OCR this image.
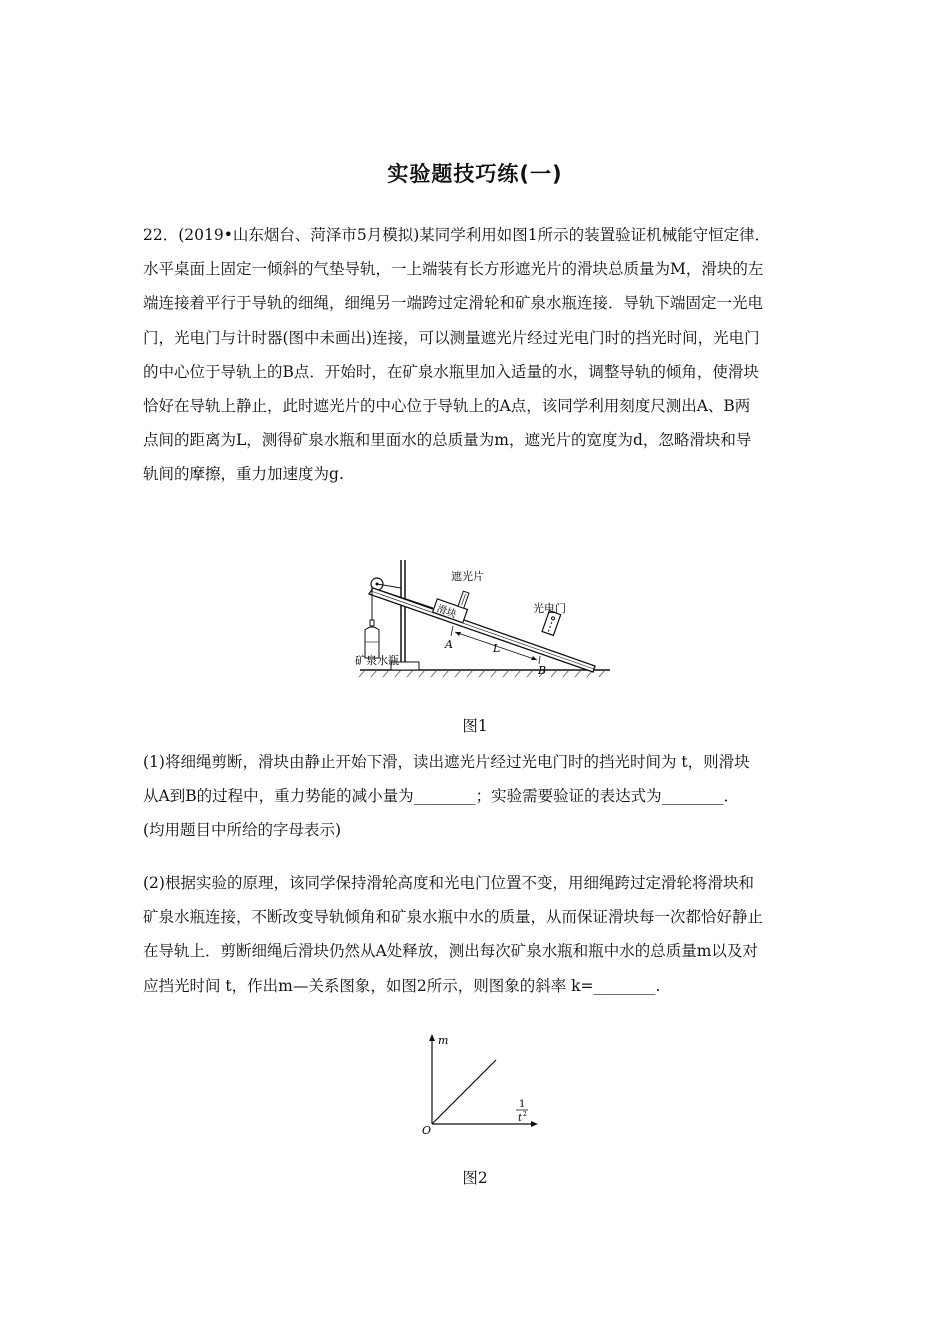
实验题技巧练(一)
22．(2019•山东烟台、菏泽市5月模拟)某同学利用如图1所示的装置验证机械能守恒定律．
水平桌面上固定一倾斜的气垫导轨，一上端装有长方形遮光片的滑块总质量为M，滑块的左
端连接着平行于导轨的细绳，细绳另一端跨过定滑轮和矿泉水瓶连接．导轨下端固定一光电
门，光电门与计时器(图中未画出)连接，可以测量遮光片经过光电门时的挡光时间，光电门
的中心位于导轨上的B点．开始时，在矿泉水瓶里加入适量的水，调整导轨的倾角，使滑块
恰好在导轨上静止，此时遮光片的中心位于导轨上的A点，该同学利用刻度尺测出A、B两
点间的距离为L，测得矿泉水瓶和里面水的总质量为m，遮光片的宽度为d，忽略滑块和导
轨间的摩擦，重力加速度为g.
遮光片
滑块	光电门
矿泉水瓶
A
B
L
图1
(1)将细绳剪断，滑块由静止开始下滑，读出遮光片经过光电门时的挡光时间为 t，则滑块
从A到B的过程中，重力势能的减小量为________；实验需要验证的表达式为________．
(均用题目中所给的字母表示)
(2)根据实验的原理，该同学保持滑轮高度和光电门位置不变，用细绳跨过定滑轮将滑块和
矿泉水瓶连接，不断改变导轨倾角和矿泉水瓶中水的质量，从而保证滑块每一次都恰好静止
在导轨上．剪断细绳后滑块仍然从A处释放，测出每次矿泉水瓶和瓶中水的总质量m以及对
应挡光时间 t，作出m—关系图象，如图2所示，则图象的斜率 k=________.
m
1
t 2
O
图2
